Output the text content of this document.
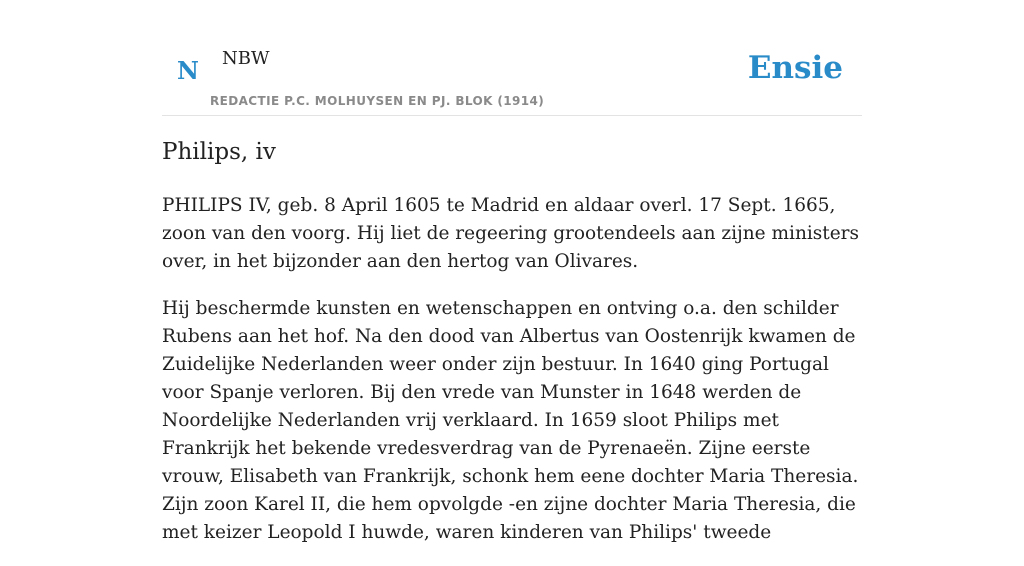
N NBW
REDACTIE P.C. MOLHUYSEN EN PJ. BLOK (1914)
Ensie
Philips, iv

PHILIPS IV, geb. 8 April 1605 te Madrid en aldaar overl. 17 Sept. 1665, zoon van den voorg. Hij liet de regeering grootendeels aan zijne ministers over, in het bijzonder aan den hertog van Olivares.

Hij beschermde kunsten en wetenschappen en ontving o.a. den schilder Rubens aan het hof. Na den dood van Albertus van Oostenrijk kwamen de Zuidelijke Nederlanden weer onder zijn bestuur. In 1640 ging Portugal voor Spanje verloren. Bij den vrede van Munster in 1648 werden de Noordelijke Nederlanden vrij verklaard. In 1659 sloot Philips met Frankrijk het bekende vredesverdrag van de Pyrenaeën. Zijne eerste vrouw, Elisabeth van Frankrijk, schonk hem eene dochter Maria Theresia. Zijn zoon Karel II, die hem opvolgde -en zijne dochter Maria Theresia, die met keizer Leopold I huwde, waren kinderen van Philips' tweede
